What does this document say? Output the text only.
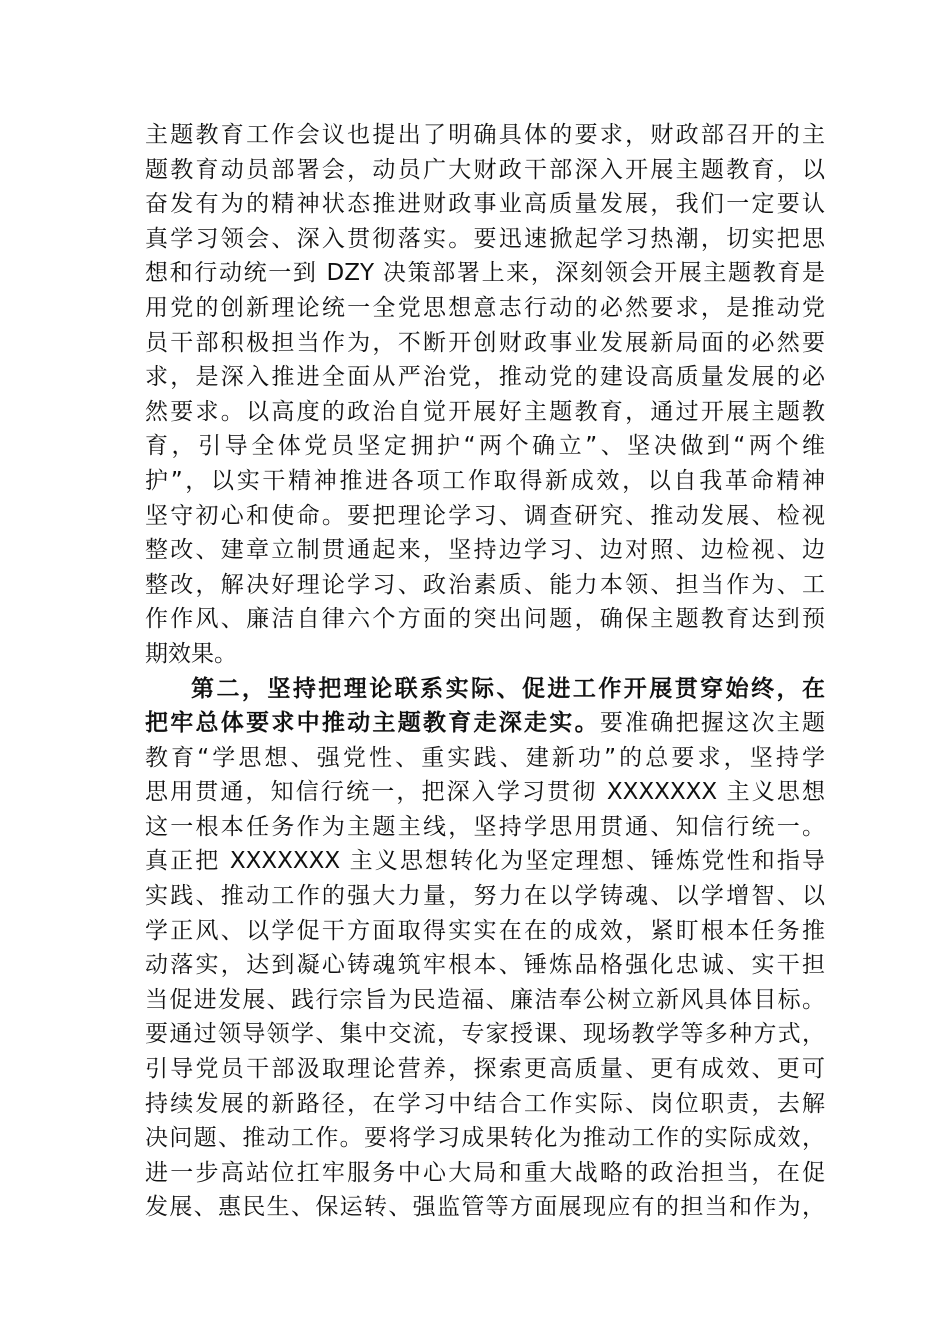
主题教育工作会议也提出了明确具体的要求，财政部召开的主
题教育动员部署会，动员广大财政干部深入开展主题教育，以
奋发有为的精神状态推进财政事业高质量发展，我们一定要认
真学习领会、深入贯彻落实。要迅速掀起学习热潮，切实把思
想和行动统一到 DZY 决策部署上来，深刻领会开展主题教育是
用党的创新理论统一全党思想意志行动的必然要求，是推动党
员干部积极担当作为，不断开创财政事业发展新局面的必然要
求，是深入推进全面从严治党，推动党的建设高质量发展的必
然要求。以高度的政治自觉开展好主题教育，通过开展主题教
育，引导全体党员坚定拥护“两个确立”、坚决做到“两个维
护”，以实干精神推进各项工作取得新成效，以自我革命精神
坚守初心和使命。要把理论学习、调查研究、推动发展、检视
整改、建章立制贯通起来，坚持边学习、边对照、边检视、边
整改，解决好理论学习、政治素质、能力本领、担当作为、工
作作风、廉洁自律六个方面的突出问题，确保主题教育达到预
期效果。
第二，坚持把理论联系实际、促进工作开展贯穿始终，在
把牢总体要求中推动主题教育走深走实。要准确把握这次主题
教育“学思想、强党性、重实践、建新功”的总要求，坚持学
思用贯通，知信行统一，把深入学习贯彻 XXXXXXX 主义思想
这一根本任务作为主题主线，坚持学思用贯通、知信行统一。
真正把 XXXXXXX 主义思想转化为坚定理想、锤炼党性和指导
实践、推动工作的强大力量，努力在以学铸魂、以学增智、以
学正风、以学促干方面取得实实在在的成效，紧盯根本任务推
动落实，达到凝心铸魂筑牢根本、锤炼品格强化忠诚、实干担
当促进发展、践行宗旨为民造福、廉洁奉公树立新风具体目标。
要通过领导领学、集中交流，专家授课、现场教学等多种方式，
引导党员干部汲取理论营养，探索更高质量、更有成效、更可
持续发展的新路径，在学习中结合工作实际、岗位职责，去解
决问题、推动工作。要将学习成果转化为推动工作的实际成效，
进一步高站位扛牢服务中心大局和重大战略的政治担当，在促
发展、惠民生、保运转、强监管等方面展现应有的担当和作为，
